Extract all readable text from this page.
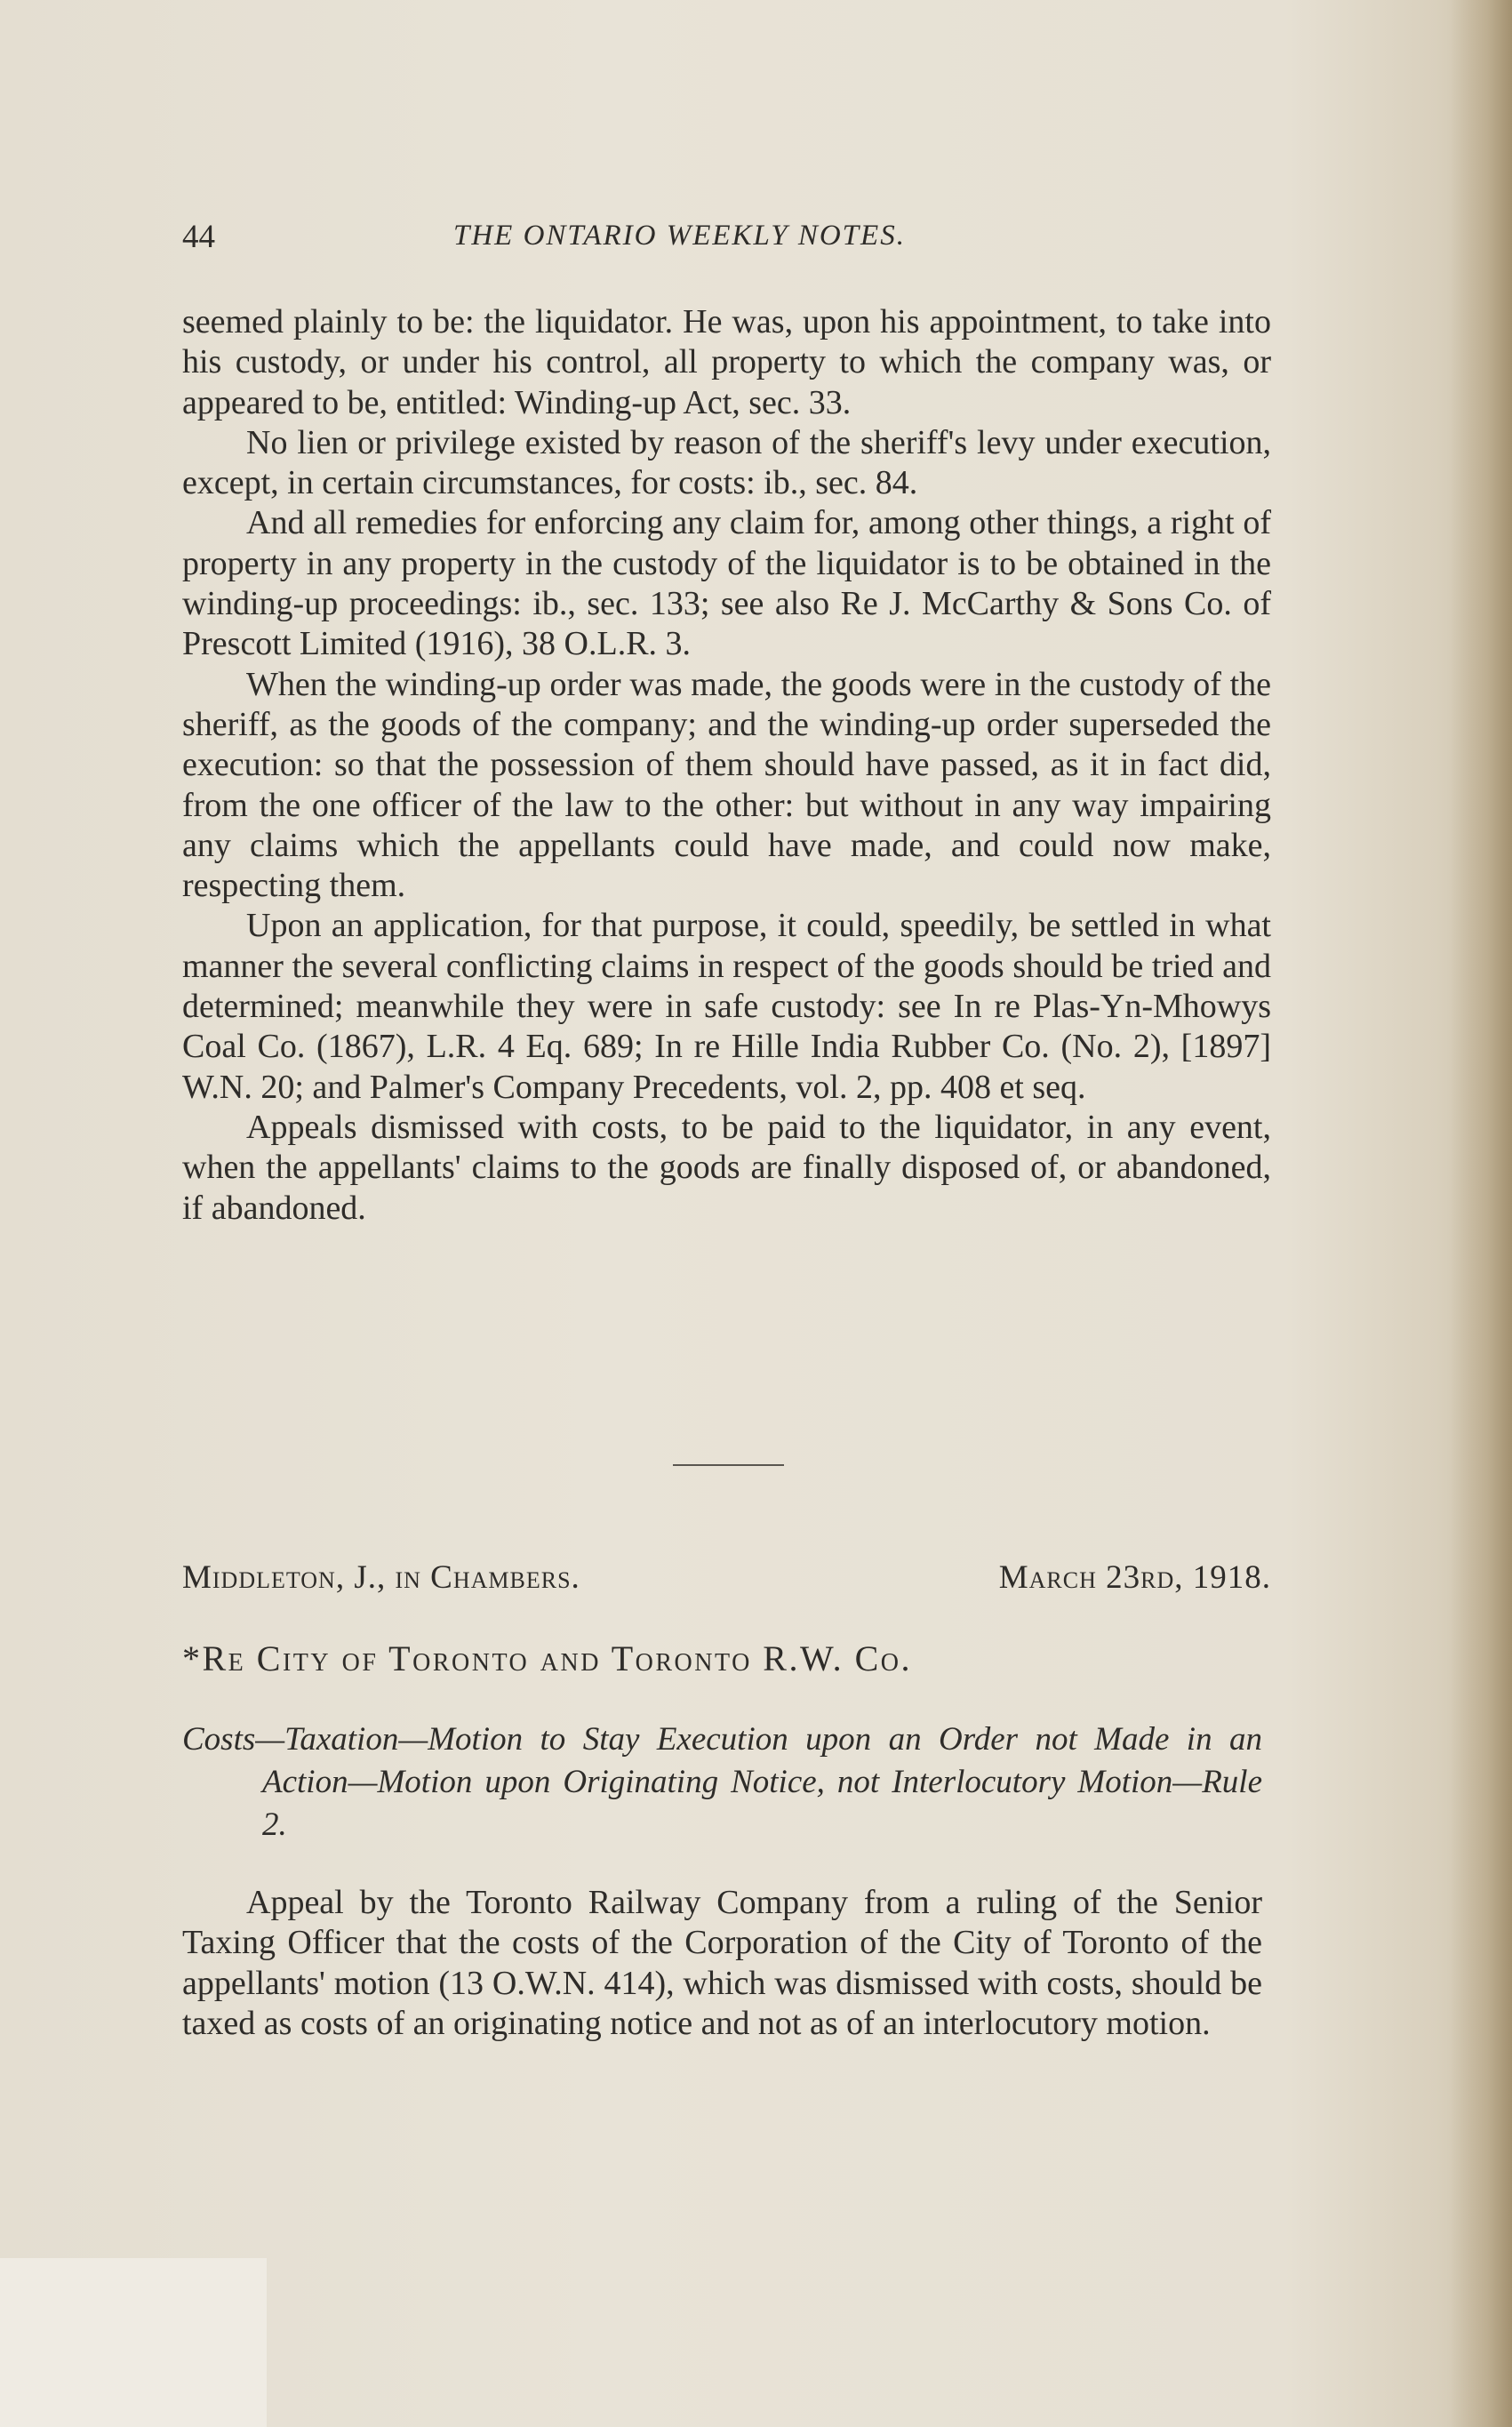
44	THE ONTARIO WEEKLY NOTES.

seemed plainly to be: the liquidator. He was, upon his appointment, to take into his custody, or under his control, all property to which the company was, or appeared to be, entitled: Winding-up Act, sec. 33.

No lien or privilege existed by reason of the sheriff's levy under execution, except, in certain circumstances, for costs: ib., sec. 84.

And all remedies for enforcing any claim for, among other things, a right of property in any property in the custody of the liquidator is to be obtained in the winding-up proceedings: ib., sec. 133; see also Re J. McCarthy & Sons Co. of Prescott Limited (1916), 38 O.L.R. 3.

When the winding-up order was made, the goods were in the custody of the sheriff, as the goods of the company; and the winding-up order superseded the execution: so that the possession of them should have passed, as it in fact did, from the one officer of the law to the other: but without in any way impairing any claims which the appellants could have made, and could now make, respecting them.

Upon an application, for that purpose, it could, speedily, be settled in what manner the several conflicting claims in respect of the goods should be tried and determined; meanwhile they were in safe custody: see In re Plas-Yn-Mhowys Coal Co. (1867), L.R. 4 Eq. 689; In re Hille India Rubber Co. (No. 2), [1897] W.N. 20; and Palmer's Company Precedents, vol. 2, pp. 408 et seq.

Appeals dismissed with costs, to be paid to the liquidator, in any event, when the appellants' claims to the goods are finally disposed of, or abandoned, if abandoned.

Middleton, J., in Chambers.	March 23rd, 1918.
*Re City of Toronto and Toronto R.W. Co.
Costs—Taxation—Motion to Stay Execution upon an Order not Made in an Action—Motion upon Originating Notice, not Interlocutory Motion—Rule 2.
Appeal by the Toronto Railway Company from a ruling of the Senior Taxing Officer that the costs of the Corporation of the City of Toronto of the appellants' motion (13 O.W.N. 414), which was dismissed with costs, should be taxed as costs of an originating notice and not as of an interlocutory motion.
